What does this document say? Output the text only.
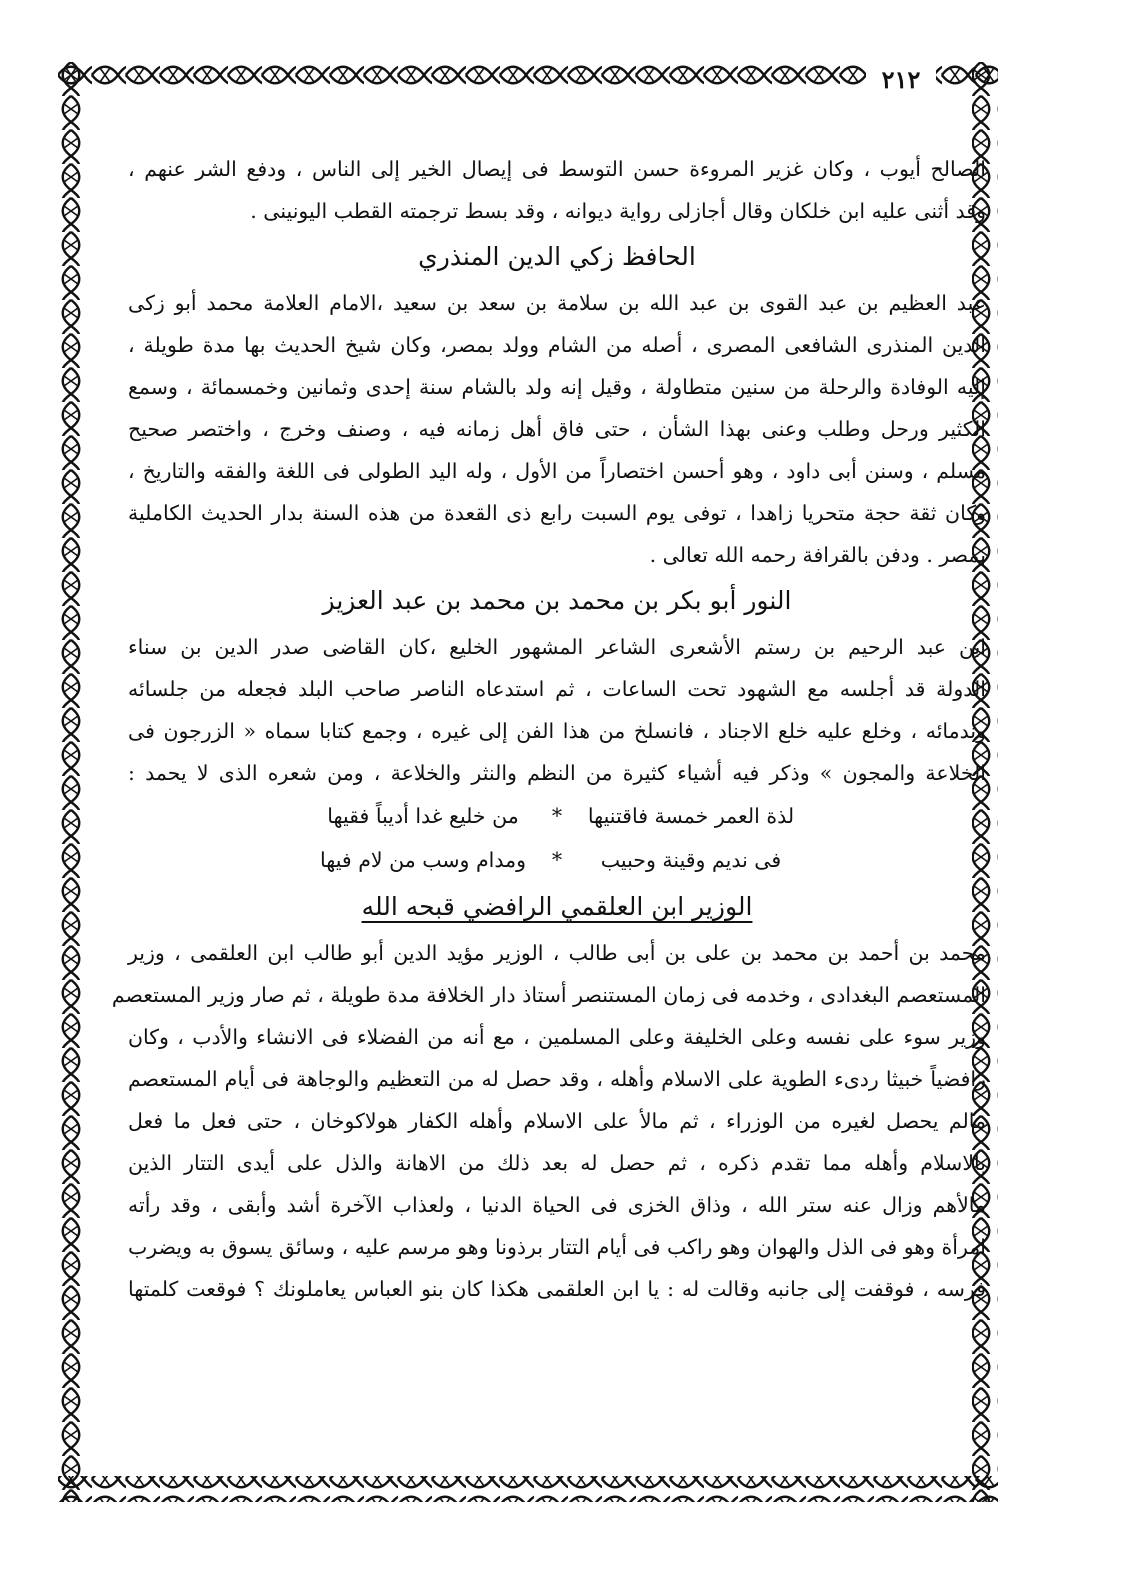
٢١٢

الصالح أيوب ، وكان غزير المروءة حسن التوسط فى إيصال الخير إلى الناس ، ودفع الشر عنهم ،

وقد أثنى عليه ابن خلكان وقال أجازلى رواية ديوانه ، وقد بسط ترجمته القطب اليونينى .

الحافظ زكي الدين المنذري

عبد العظيم بن عبد القوى بن عبد الله بن سلامة بن سعد بن سعيد ،الامام العلامة محمد أبو زكى

الدين المنذرى الشافعى المصرى ، أصله من الشام وولد بمصر، وكان شيخ الحديث بها مدة طويلة ،

إليه الوفادة والرحلة من سنين متطاولة ، وقيل إنه ولد بالشام سنة إحدى وثمانين وخمسمائة ، وسمع

الكثير ورحل وطلب وعنى بهذا الشأن ، حتى فاق أهل زمانه فيه ، وصنف وخرج ، واختصر صحيح

مسلم ، وسنن أبى داود ، وهو أحسن اختصاراً من الأول ، وله اليد الطولى فى اللغة والفقه والتاريخ ،

وكان ثقة حجة متحريا زاهدا ، توفى يوم السبت رابع ذى القعدة من هذه السنة بدار الحديث الكاملية

بمصر . ودفن بالقرافة رحمه الله تعالى .

النور أبو بكر بن محمد بن محمد بن عبد العزيز

ابن عبد الرحيم بن رستم الأشعرى الشاعر المشهور الخليع ،كان القاضى صدر الدين بن سناء

الدولة قد أجلسه مع الشهود تحت الساعات ، ثم استدعاه الناصر صاحب البلد فجعله من جلسائه

وندمائه ، وخلع عليه خلع الاجناد ، فانسلخ من هذا الفن إلى غيره ، وجمع كتابا سماه « الزرجون فى

الخلاعة والمجون » وذكر فيه أشياء كثيرة من النظم والنثر والخلاعة ، ومن شعره الذى لا يحمد :

لذة العمر خمسة فاقتنيها
*
من خليع غدا أديباً فقيها
فى نديم وقينة وحبيب
*
ومدام وسب من لام فيها
الوزير ابن العلقمي الرافضي قبحه الله

محمد بن أحمد بن محمد بن على بن أبى طالب ، الوزير مؤيد الدين أبو طالب ابن العلقمى ، وزير

المستعصم البغدادى ، وخدمه فى زمان المستنصر أستاذ دار الخلافة مدة طويلة ، ثم صار وزير المستعصم

وزير سوء على نفسه وعلى الخليفة وعلى المسلمين ، مع أنه من الفضلاء فى الانشاء والأدب ، وكان

رافضياً خبيثا ردىء الطوية على الاسلام وأهله ، وقد حصل له من التعظيم والوجاهة فى أيام المستعصم

مالم يحصل لغيره من الوزراء ، ثم مالأ على الاسلام وأهله الكفار هولاكوخان ، حتى فعل ما فعل

بالاسلام وأهله مما تقدم ذكره ، ثم حصل له بعد ذلك من الاهانة والذل على أيدى التتار الذين

مالأهم وزال عنه ستر الله ، وذاق الخزى فى الحياة الدنيا ، ولعذاب الآخرة أشد وأبقى ، وقد رأته

امرأة وهو فى الذل والهوان وهو راكب فى أيام التتار برذونا وهو مرسم عليه ، وسائق يسوق به ويضرب

فرسه ، فوقفت إلى جانبه وقالت له : يا ابن العلقمى هكذا كان بنو العباس يعاملونك ؟ فوقعت كلمتها
